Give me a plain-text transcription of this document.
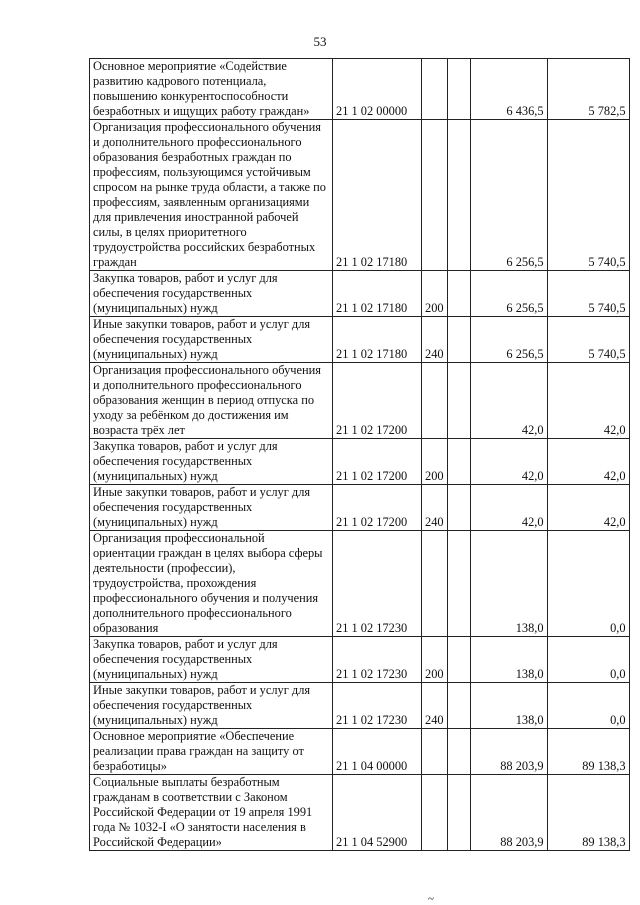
53
Основное мероприятие «Содействие развитию кадрового потенциала, повышению конкурентоспособности безработных и ищущих работу граждан»	21 1 02 00000			6 436,5	5 782,5
Организация профессионального обучения и дополнительного профессионального образования безработных граждан по профессиям, пользующимся устойчивым спросом на рынке труда области, а также по профессиям, заявленным организациями для привлечения иностранной рабочей силы, в целях приоритетного трудоустройства российских безработных граждан	21 1 02 17180			6 256,5	5 740,5
Закупка товаров, работ и услуг для обеспечения государственных (муниципальных) нужд	21 1 02 17180	200		6 256,5	5 740,5
Иные закупки товаров, работ и услуг для обеспечения государственных (муниципальных) нужд	21 1 02 17180	240		6 256,5	5 740,5
Организация профессионального обучения и дополнительного профессионального образования женщин в период отпуска по уходу за ребёнком до достижения им возраста трёх лет	21 1 02 17200			42,0	42,0
Закупка товаров, работ и услуг для обеспечения государственных (муниципальных) нужд	21 1 02 17200	200		42,0	42,0
Иные закупки товаров, работ и услуг для обеспечения государственных (муниципальных) нужд	21 1 02 17200	240		42,0	42,0
Организация профессиональной ориентации граждан в целях выбора сферы деятельности (профессии), трудоустройства, прохождения профессионального обучения и получения дополнительного профессионального образования	21 1 02 17230			138,0	0,0
Закупка товаров, работ и услуг для обеспечения государственных (муниципальных) нужд	21 1 02 17230	200		138,0	0,0
Иные закупки товаров, работ и услуг для обеспечения государственных (муниципальных) нужд	21 1 02 17230	240		138,0	0,0
Основное мероприятие «Обеспечение реализации права граждан на защиту от безработицы»	21 1 04 00000			88 203,9	89 138,3
Социальные выплаты безработным гражданам в соответствии с Законом Российской Федерации от 19 апреля 1991 года № 1032-I «О занятости населения в Российской Федерации»	21 1 04 52900			88 203,9	89 138,3
~
